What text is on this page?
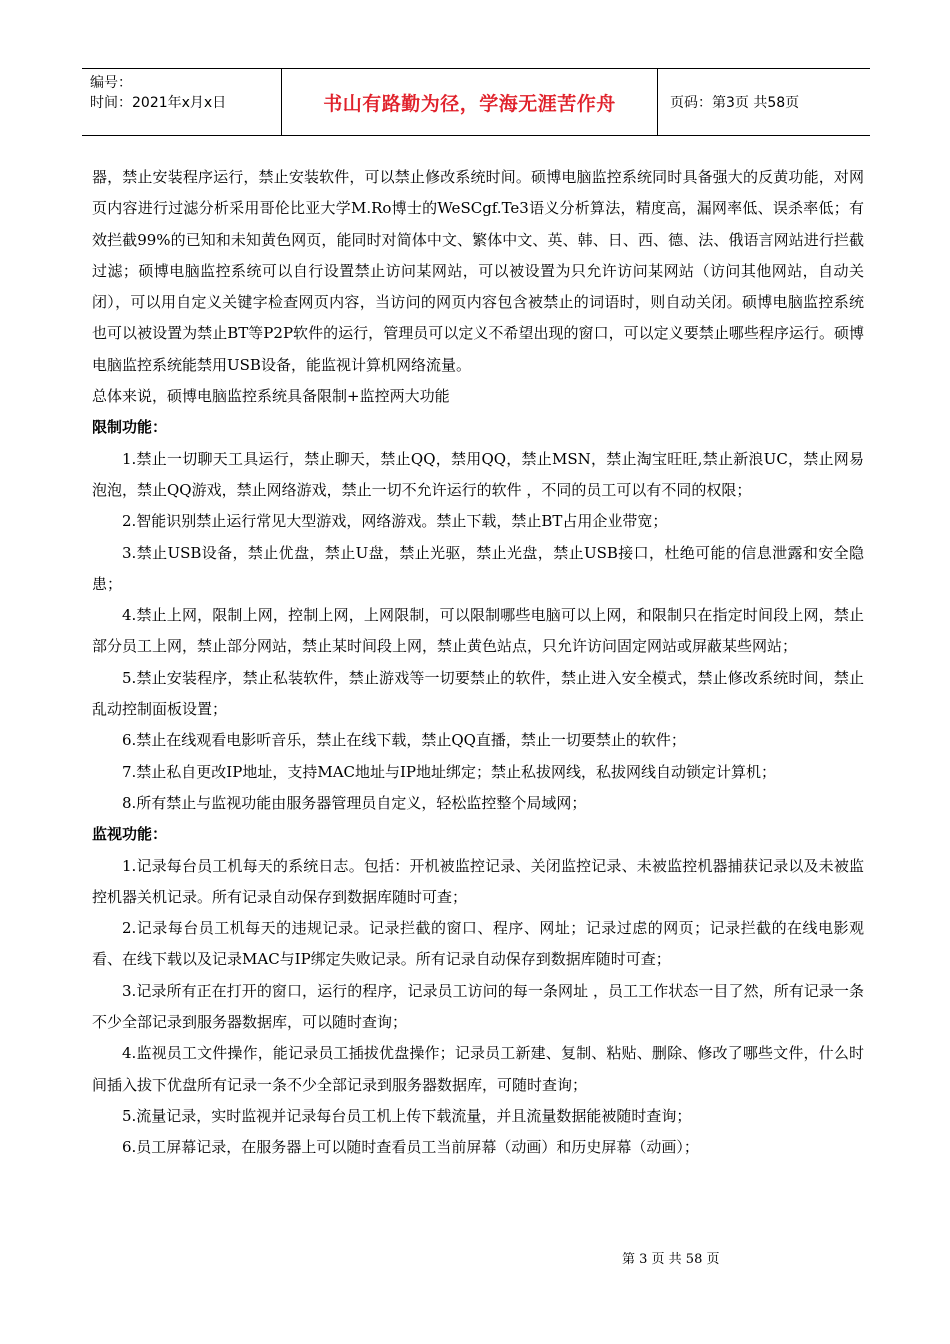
编号：
时间：2021年x月x日	书山有路勤为径，学海无涯苦作舟	页码：第3页 共58页

器，禁止安装程序运行，禁止安装软件，可以禁止修改系统时间。硕博电脑监控系统同时具备强大的反黄功能，对网页内容进行过滤分析采用哥伦比亚大学M.Ro博士的WeSCgf.Te3语义分析算法，精度高，漏网率低、误杀率低；有效拦截99%的已知和未知黄色网页，能同时对简体中文、繁体中文、英、韩、日、西、德、法、俄语言网站进行拦截过滤；硕博电脑监控系统可以自行设置禁止访问某网站，可以被设置为只允许访问某网站（访问其他网站，自动关闭），可以用自定义关键字检查网页内容，当访问的网页内容包含被禁止的词语时，则自动关闭。硕博电脑监控系统也可以被设置为禁止BT等P2P软件的运行，管理员可以定义不希望出现的窗口，可以定义要禁止哪些程序运行。硕博电脑监控系统能禁用USB设备，能监视计算机网络流量。

总体来说，硕博电脑监控系统具备限制+监控两大功能

限制功能：

1.禁止一切聊天工具运行，禁止聊天，禁止QQ，禁用QQ，禁止MSN，禁止淘宝旺旺,禁止新浪UC，禁止网易泡泡，禁止QQ游戏，禁止网络游戏，禁止一切不允许运行的软件 ，不同的员工可以有不同的权限；

2.智能识别禁止运行常见大型游戏，网络游戏。禁止下载，禁止BT占用企业带宽；

3.禁止USB设备，禁止优盘，禁止U盘，禁止光驱，禁止光盘，禁止USB接口，杜绝可能的信息泄露和安全隐患；

4.禁止上网，限制上网，控制上网，上网限制，可以限制哪些电脑可以上网，和限制只在指定时间段上网，禁止部分员工上网，禁止部分网站，禁止某时间段上网，禁止黄色站点，只允许访问固定网站或屏蔽某些网站；

5.禁止安装程序，禁止私装软件，禁止游戏等一切要禁止的软件，禁止进入安全模式，禁止修改系统时间，禁止乱动控制面板设置；

6.禁止在线观看电影听音乐，禁止在线下载，禁止QQ直播，禁止一切要禁止的软件；

7.禁止私自更改IP地址，支持MAC地址与IP地址绑定；禁止私拔网线，私拔网线自动锁定计算机；

8.所有禁止与监视功能由服务器管理员自定义，轻松监控整个局域网；

监视功能：

1.记录每台员工机每天的系统日志。包括：开机被监控记录、关闭监控记录、未被监控机器捕获记录以及未被监控机器关机记录。所有记录自动保存到数据库随时可查；

2.记录每台员工机每天的违规记录。记录拦截的窗口、程序、网址；记录过虑的网页；记录拦截的在线电影观看、在线下载以及记录MAC与IP绑定失败记录。所有记录自动保存到数据库随时可查；

3.记录所有正在打开的窗口，运行的程序，记录员工访问的每一条网址 ，员工工作状态一目了然，所有记录一条不少全部记录到服务器数据库，可以随时查询；

4.监视员工文件操作，能记录员工插拔优盘操作；记录员工新建、复制、粘贴、删除、修改了哪些文件，什么时间插入拔下优盘所有记录一条不少全部记录到服务器数据库，可随时查询；

5.流量记录，实时监视并记录每台员工机上传下载流量，并且流量数据能被随时查询；

6.员工屏幕记录，在服务器上可以随时查看员工当前屏幕（动画）和历史屏幕（动画）；

第 3 页 共 58 页
